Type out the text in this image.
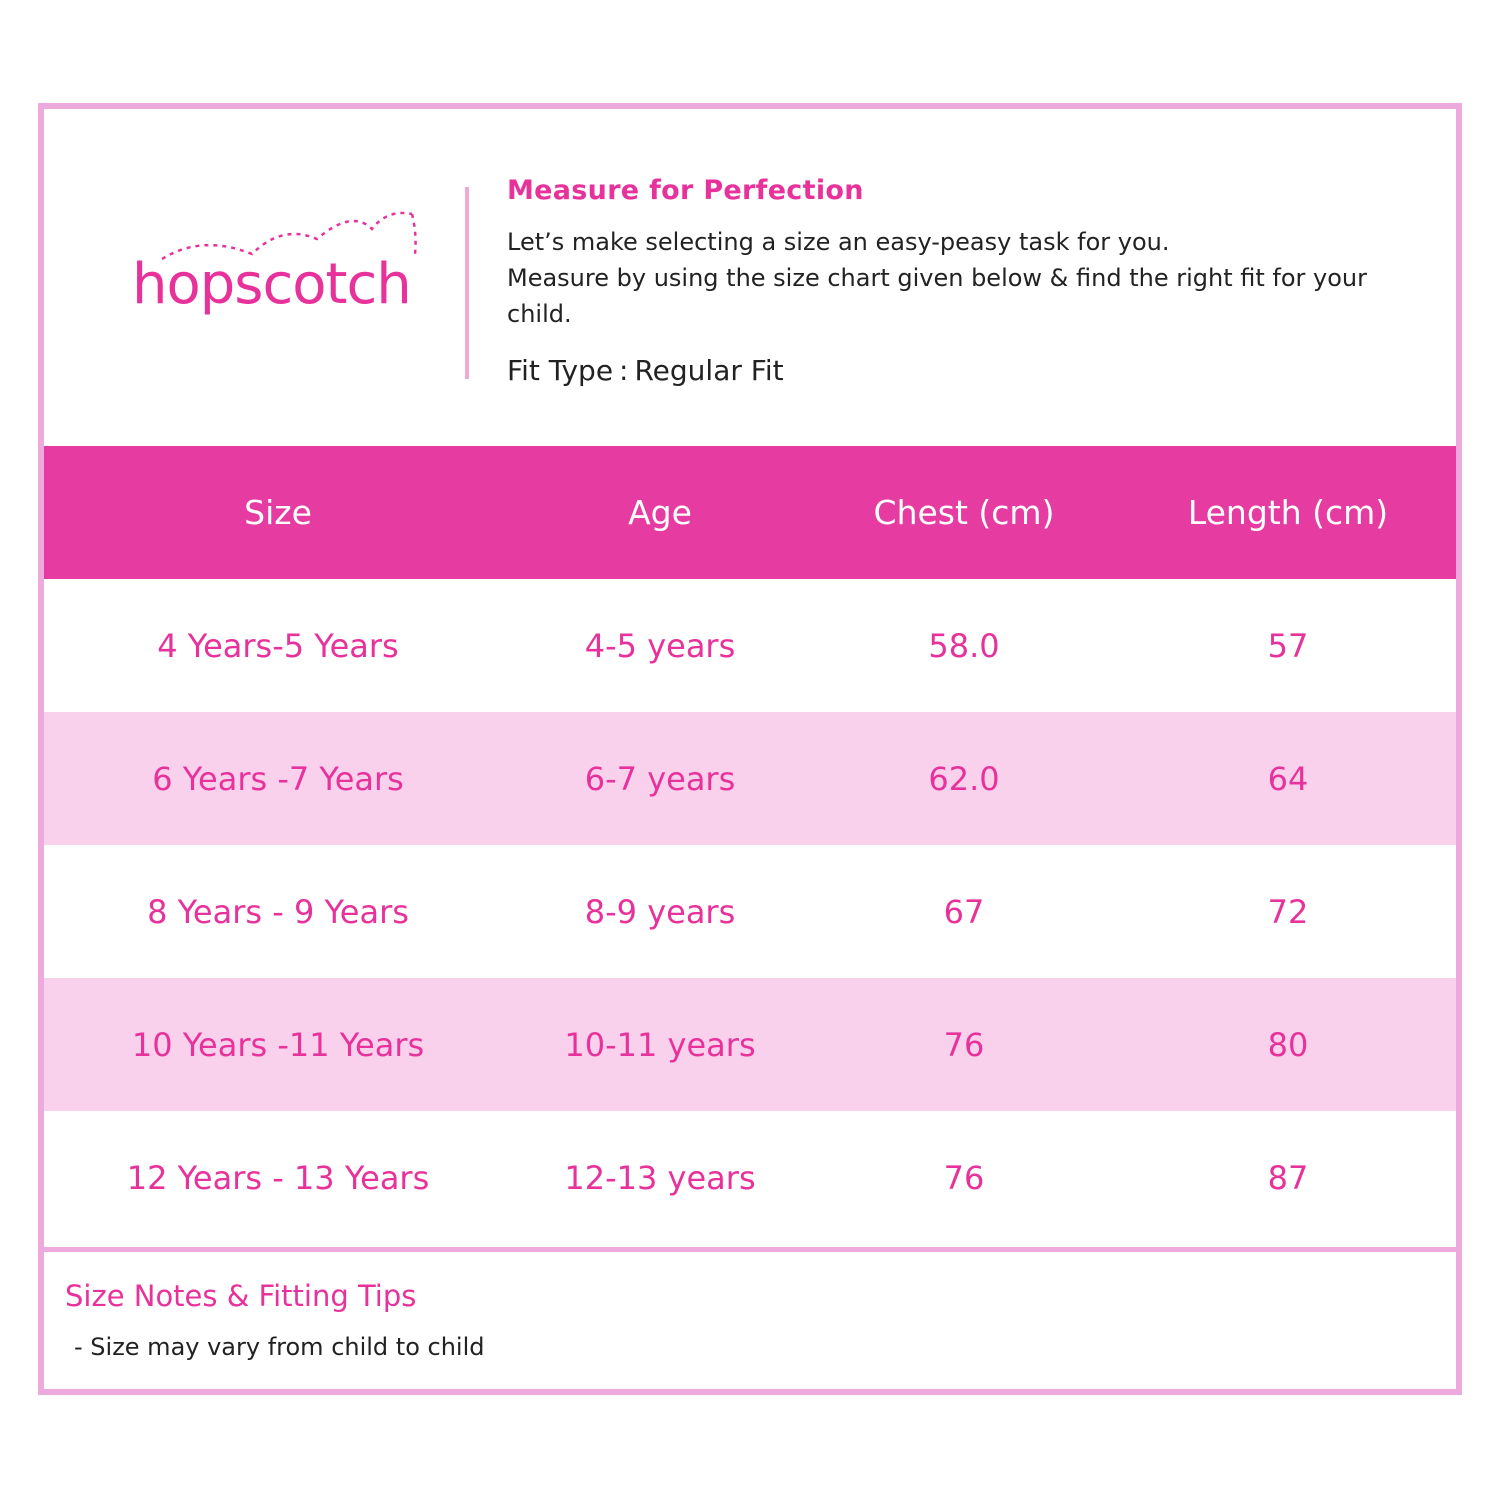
hopscotch
Measure for Perfection

Let’s make selecting a size an easy-peasy task for you.

Measure by using the size chart given below & find the right fit for your child.

Fit Type : Regular Fit
Size	Age	Chest (cm)	Length (cm)
4 Years-5 Years	4-5 years	58.0	57
6 Years -7 Years	6-7 years	62.0	64
8 Years - 9 Years	8-9 years	67	72
10 Years -11 Years	10-11 years	76	80
12 Years - 13 Years	12-13 years	76	87
Size Notes & Fitting Tips
- Size may vary from child to child
